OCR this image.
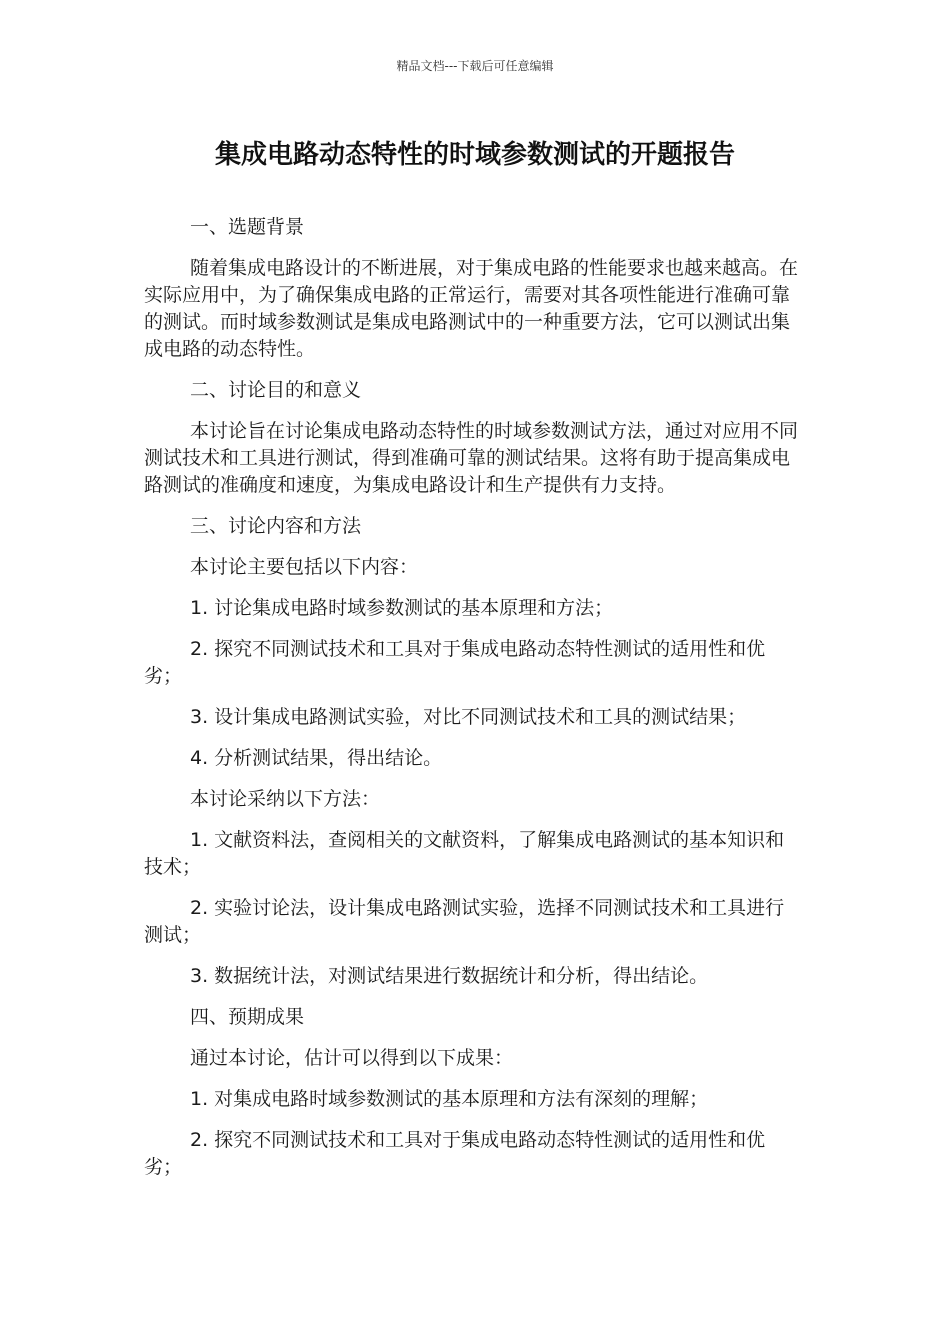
精品文档---下载后可任意编辑
集成电路动态特性的时域参数测试的开题报告

一、选题背景

随着集成电路设计的不断进展，对于集成电路的性能要求也越来越高。在实际应用中，为了确保集成电路的正常运行，需要对其各项性能进行准确可靠的测试。而时域参数测试是集成电路测试中的一种重要方法，它可以测试出集成电路的动态特性。

二、讨论目的和意义

本讨论旨在讨论集成电路动态特性的时域参数测试方法，通过对应用不同测试技术和工具进行测试，得到准确可靠的测试结果。这将有助于提高集成电路测试的准确度和速度，为集成电路设计和生产提供有力支持。

三、讨论内容和方法

本讨论主要包括以下内容：

1. 讨论集成电路时域参数测试的基本原理和方法；

2. 探究不同测试技术和工具对于集成电路动态特性测试的适用性和优劣；

3. 设计集成电路测试实验，对比不同测试技术和工具的测试结果；

4. 分析测试结果，得出结论。

本讨论采纳以下方法：

1. 文献资料法，查阅相关的文献资料，了解集成电路测试的基本知识和技术；

2. 实验讨论法，设计集成电路测试实验，选择不同测试技术和工具进行测试；

3. 数据统计法，对测试结果进行数据统计和分析，得出结论。

四、预期成果

通过本讨论，估计可以得到以下成果：

1. 对集成电路时域参数测试的基本原理和方法有深刻的理解；

2. 探究不同测试技术和工具对于集成电路动态特性测试的适用性和优劣；
